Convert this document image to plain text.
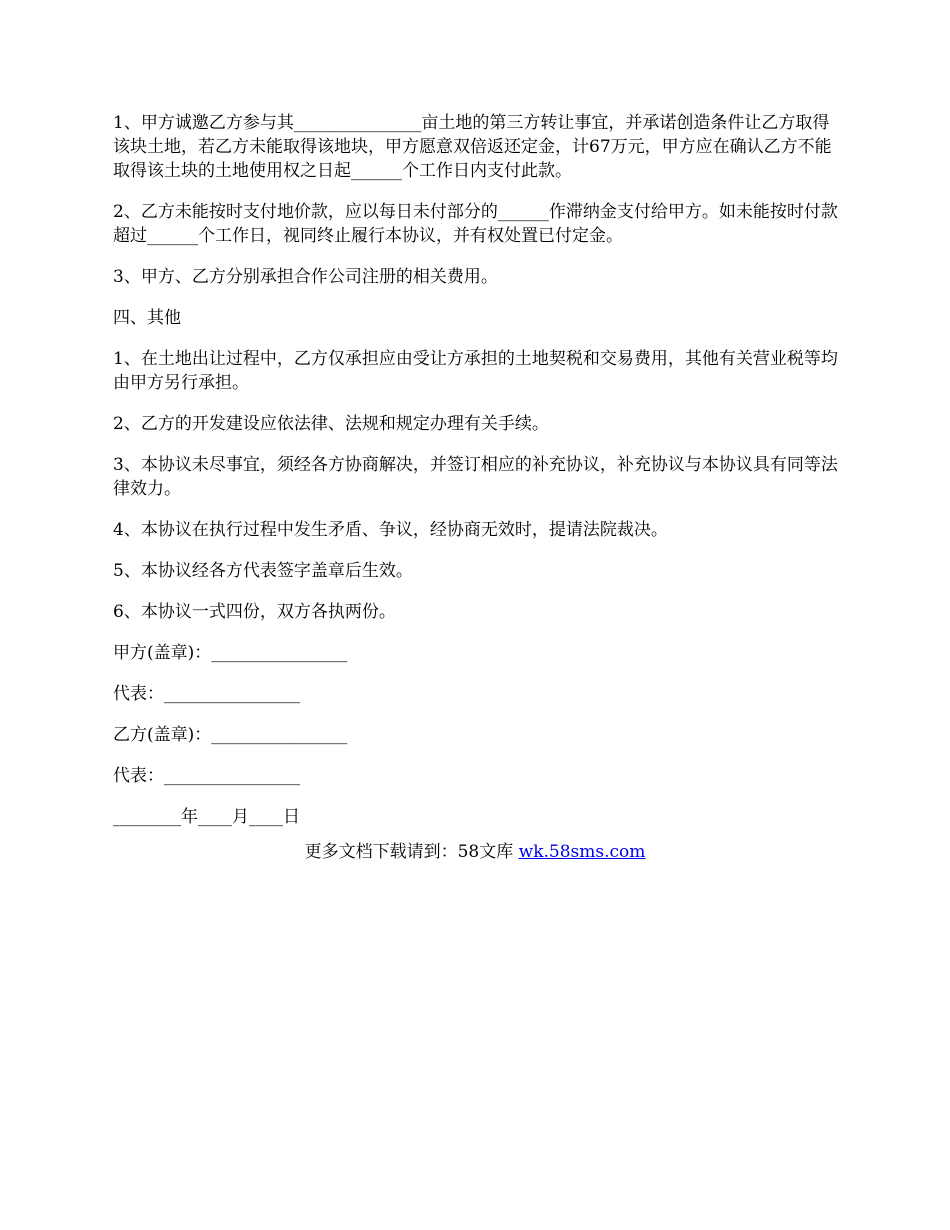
1、甲方诚邀乙方参与其_______________亩土地的第三方转让事宜，并承诺创造条件让乙方取得该块土地，若乙方未能取得该地块，甲方愿意双倍返还定金，计67万元，甲方应在确认乙方不能取得该土块的土地使用权之日起______个工作日内支付此款。

2、乙方未能按时支付地价款，应以每日未付部分的______作滞纳金支付给甲方。如未能按时付款超过______个工作日，视同终止履行本协议，并有权处置已付定金。

3、甲方、乙方分别承担合作公司注册的相关费用。

四、其他

1、在土地出让过程中，乙方仅承担应由受让方承担的土地契税和交易费用，其他有关营业税等均由甲方另行承担。

2、乙方的开发建设应依法律、法规和规定办理有关手续。

3、本协议未尽事宜，须经各方协商解决，并签订相应的补充协议，补充协议与本协议具有同等法律效力。

4、本协议在执行过程中发生矛盾、争议，经协商无效时，提请法院裁决。

5、本协议经各方代表签字盖章后生效。

6、本协议一式四份，双方各执两份。

甲方(盖章)：________________

代表：________________

乙方(盖章)：________________

代表：________________

________年____月____日

更多文档下载请到：58文库 wk.58sms.com
